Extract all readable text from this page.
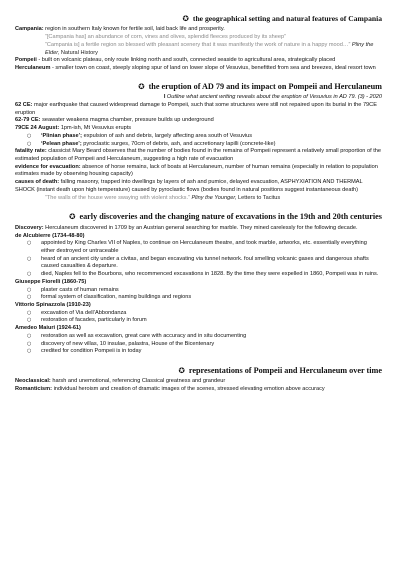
✪ the geographical setting and natural features of Campania

Campania: region in southern Italy known for fertile soil, laid back life and prosperity.

“[Campania has] an abundance of corn, vines and olives, splendid fleeces produced by its sheep”

“Campania is] a fertile region so blessed with pleasant scenery that it was manifestly the work of nature in a happy mood…” Pliny the Elder, Natural History

Pompeii - built on volcanic plateau, only route linking north and south, connected seaside to agricultural area, strategically placed

Herculaneum - smaller town on coast, steeply sloping spur of land on lower slope of Vesuvius, benefitted from sea and breezes, ideal resort town

✪ the eruption of AD 79 and its impact on Pompeii and Herculaneum

I Outline what ancient writing reveals about the eruption of Vesuvius in AD 79. (3) - 2020

62 CE: major earthquake that caused widespread damage to Pompeii, such that some structures were still not repaired upon its burial in the 79CE eruption

62-79 CE: seawater weakens magma chamber, pressure builds up underground

79CE 24 August: 1pm-ish, Mt Vesuvius erupts

○ ‘Plinian phase’; expulsion of ash and debris, largely affecting area south of Vesuvius
○ ‘Pelean phase’; pyroclastic surges, 70cm of debris, ash, and accretionary lapilli (concrete-like)

fatality rate: classicist Mary Beard observes that the number of bodies found in the remains of Pompeii represent a relatively small proportion of the estimated population of Pompeii and Herculaneum, suggesting a high rate of evacuation

evidence for evacuation: absence of horse remains, lack of boats at Herculaneum, number of human remains (especially in relation to population estimates made by observing housing capacity)

causes of death: falling masonry, trapped into dwellings by layers of ash and pumice, delayed evacuation, ASPHYXIATION AND THERMAL SHOCK (instant death upon high temperature) caused by pyroclastic flows (bodies found in natural positions suggest instantaneous death)

“The walls of the house were swaying with violent shocks.” Pliny the Younger, Letters to Tacitus

✪ early discoveries and the changing nature of excavations in the 19th and 20th centuries

Discovery: Herculaneum discovered in 1709 by an Austrian general searching for marble. They mined carelessly for the following decade.

de Alcubierre (1734-48-80)

○ appointed by King Charles VII of Naples, to continue on Herculaneum theatre, and took marble, artworks, etc. essentially everything either destroyed or untraceable
○ heard of an ancient city under a civitas, and began excavating via tunnel network. foul smelling volcanic gases and dangerous shafts caused casualties & departure.
○ died, Naples fell to the Bourbons, who recommenced excavations in 1828. By the time they were expelled in 1860, Pompeii was in ruins.

Giuseppe Fiorelli (1860-75)

○ plaster casts of human remains
○ formal system of classification, naming buildings and regions

Vittorio Spinazzola (1910-23)

○ excavation of Via dell’Abbondanza
○ restoration of facades, particularly in forum

Amedeo Maiuri (1924-61)

○ restoration as well as excavation, great care with accuracy and in situ documenting
○ discovery of new villas, 10 insulae, palastra, House of the Bicentenary
○ credited for condition Pompeii is in today
✪ representations of Pompeii and Herculaneum over time

Neoclassical: harsh and unemotional, referencing Classical greatness and grandeur

Romanticism: individual heroism and creation of dramatic images of the scenes, stressed elevating emotion above accuracy
